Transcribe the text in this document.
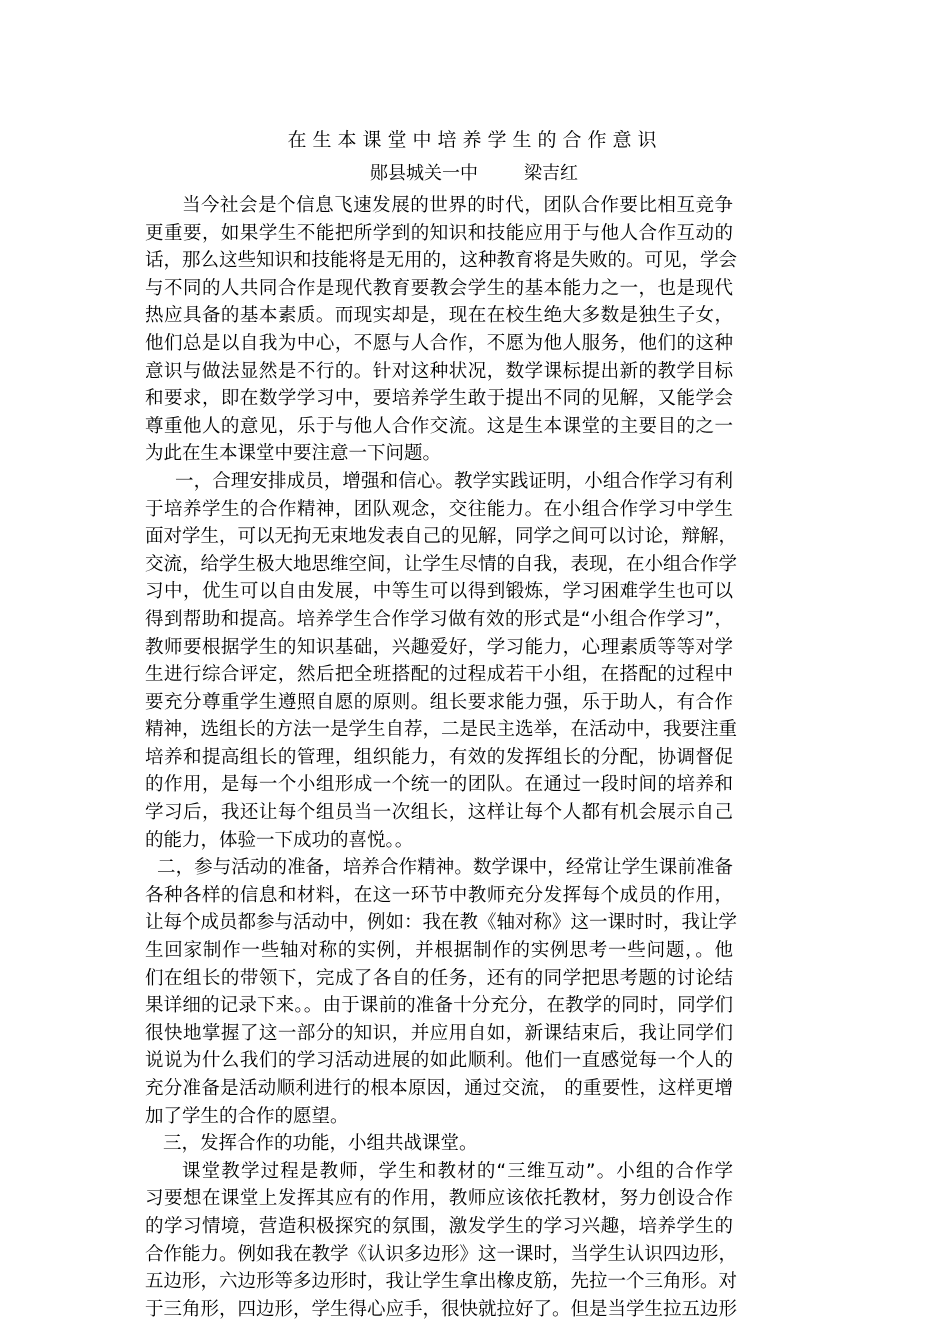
在生本课堂中培养学生的合作意识
郧县城关一中	梁吉红
当今社会是个信息飞速发展的世界的时代，团队合作要比相互竞争
更重要，如果学生不能把所学到的知识和技能应用于与他人合作互动的
话，那么这些知识和技能将是无用的，这种教育将是失败的。可见，学会
与不同的人共同合作是现代教育要教会学生的基本能力之一，也是现代
热应具备的基本素质。而现实却是，现在在校生绝大多数是独生子女，
他们总是以自我为中心，不愿与人合作，不愿为他人服务，他们的这种
意识与做法显然是不行的。针对这种状况，数学课标提出新的教学目标
和要求，即在数学学习中，要培养学生敢于提出不同的见解，又能学会
尊重他人的意见，乐于与他人合作交流。这是生本课堂的主要目的之一
为此在生本课堂中要注意一下问题。
一，合理安排成员，增强和信心。教学实践证明，小组合作学习有利
于培养学生的合作精神，团队观念，交往能力。在小组合作学习中学生
面对学生，可以无拘无束地发表自己的见解，同学之间可以讨论，辩解，
交流，给学生极大地思维空间，让学生尽情的自我，表现，在小组合作学
习中，优生可以自由发展，中等生可以得到锻炼，学习困难学生也可以
得到帮助和提高。培养学生合作学习做有效的形式是“小组合作学习”，
教师要根据学生的知识基础，兴趣爱好，学习能力，心理素质等等对学
生进行综合评定，然后把全班搭配的过程成若干小组，在搭配的过程中
要充分尊重学生遵照自愿的原则。组长要求能力强，乐于助人，有合作
精神，选组长的方法一是学生自荐，二是民主选举，在活动中，我要注重
培养和提高组长的管理，组织能力，有效的发挥组长的分配，协调督促
的作用，是每一个小组形成一个统一的团队。在通过一段时间的培养和
学习后，我还让每个组员当一次组长，这样让每个人都有机会展示自己
的能力，体验一下成功的喜悦。。
二，参与活动的准备，培养合作精神。数学课中，经常让学生课前准备
各种各样的信息和材料，在这一环节中教师充分发挥每个成员的作用，
让每个成员都参与活动中，例如：我在教《轴对称》这一课时时，我让学
生回家制作一些轴对称的实例，并根据制作的实例思考一些问题，。他
们在组长的带领下，完成了各自的任务，还有的同学把思考题的讨论结
果详细的记录下来。。由于课前的准备十分充分，在教学的同时，同学们
很快地掌握了这一部分的知识，并应用自如，新课结束后，我让同学们
说说为什么我们的学习活动进展的如此顺利。他们一直感觉每一个人的
充分准备是活动顺利进行的根本原因，通过交流， 的重要性，这样更增
加了学生的合作的愿望。
三，发挥合作的功能，小组共战课堂。
课堂教学过程是教师，学生和教材的“三维互动”。小组的合作学
习要想在课堂上发挥其应有的作用，教师应该依托教材，努力创设合作
的学习情境，营造积极探究的氛围，激发学生的学习兴趣，培养学生的
合作能力。例如我在教学《认识多边形》这一课时，当学生认识四边形，
五边形，六边形等多边形时，我让学生拿出橡皮筋，先拉一个三角形。对
于三角形，四边形，学生得心应手，很快就拉好了。但是当学生拉五边形
